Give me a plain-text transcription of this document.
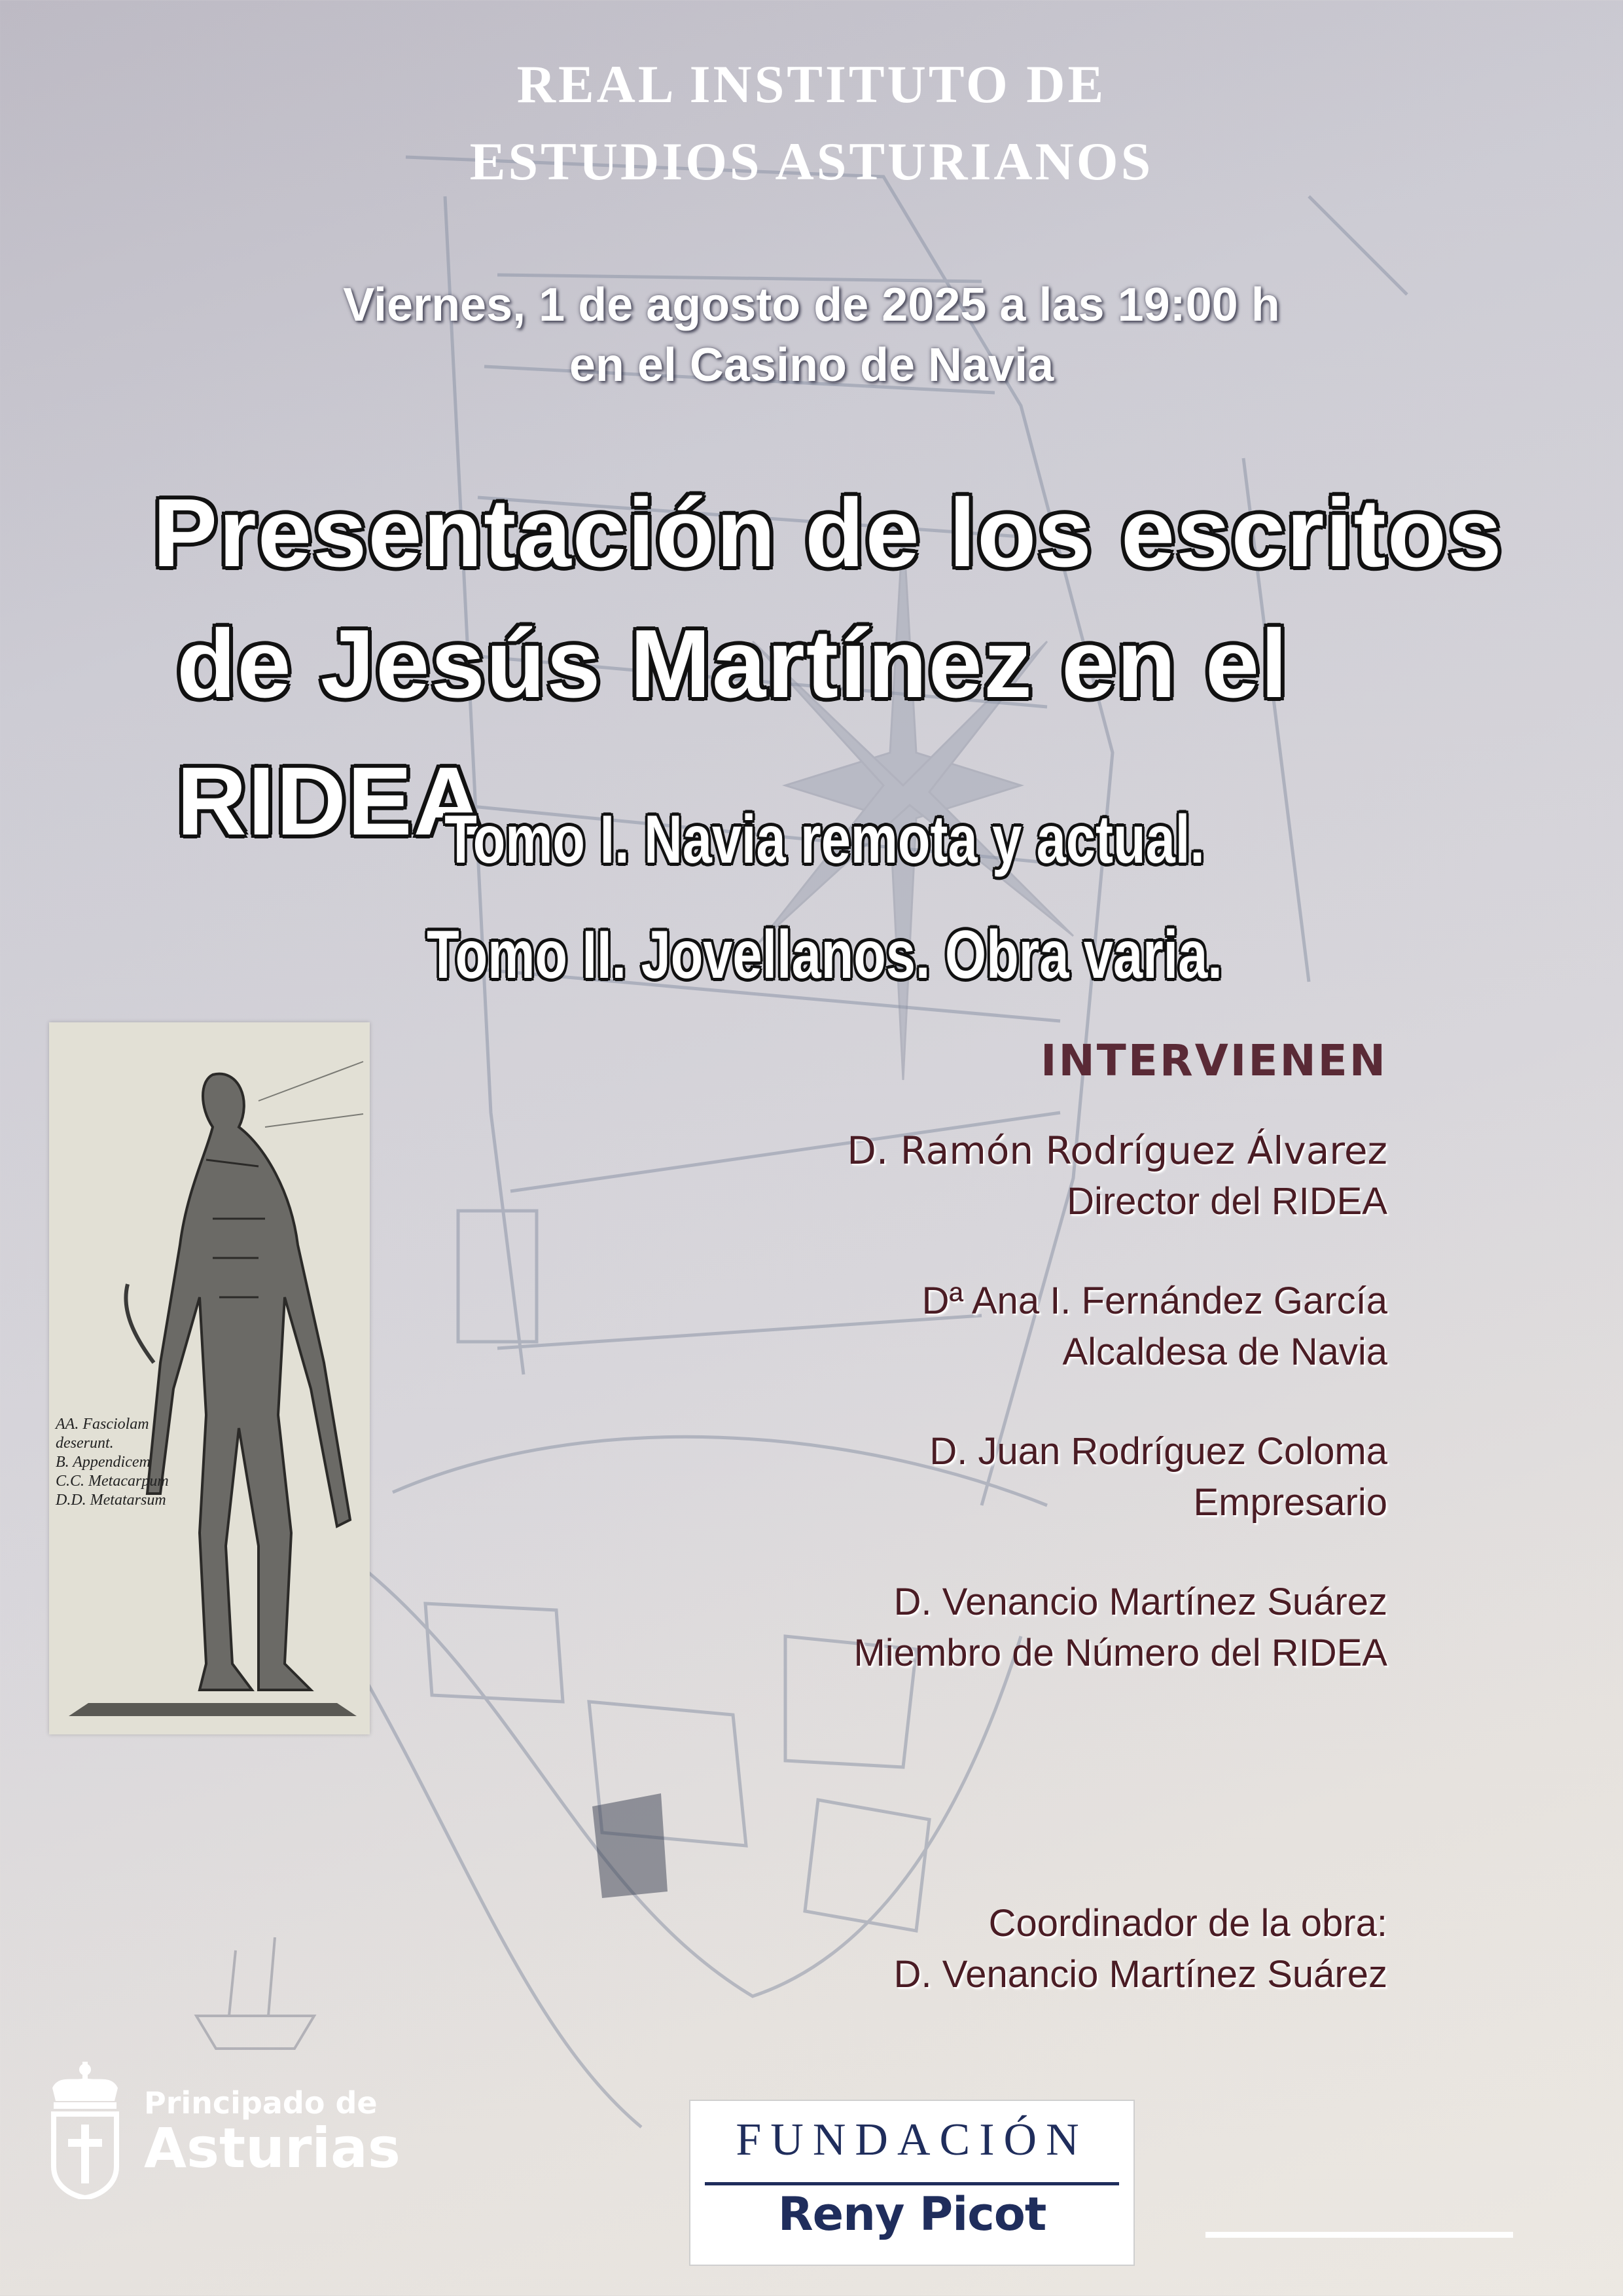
REAL INSTITUTO DE
ESTUDIOS ASTURIANOS
Viernes, 1 de agosto de 2025 a las 19:00 h
en el Casino de Navia
Presentación de los escritos
de Jesús Martínez en el RIDEA
Tomo I. Navia remota y actual.
Tomo II. Jovellanos. Obra varia.
INTERVIENEN
D. Ramón Rodríguez Álvarez
Director del RIDEA
Dª Ana I. Fernández García
Alcaldesa de Navia
D. Juan Rodríguez Coloma
Empresario
D. Venancio Martínez Suárez
Miembro de Número del RIDEA
Coordinador de la obra:
D. Venancio Martínez Suárez
AA. Fasciolam
deserunt.
B. Appendicem
C.C. Metacarpum
D.D. Metatarsum
Principado de
Asturias	FUNDACIÓN
Reny Picot
